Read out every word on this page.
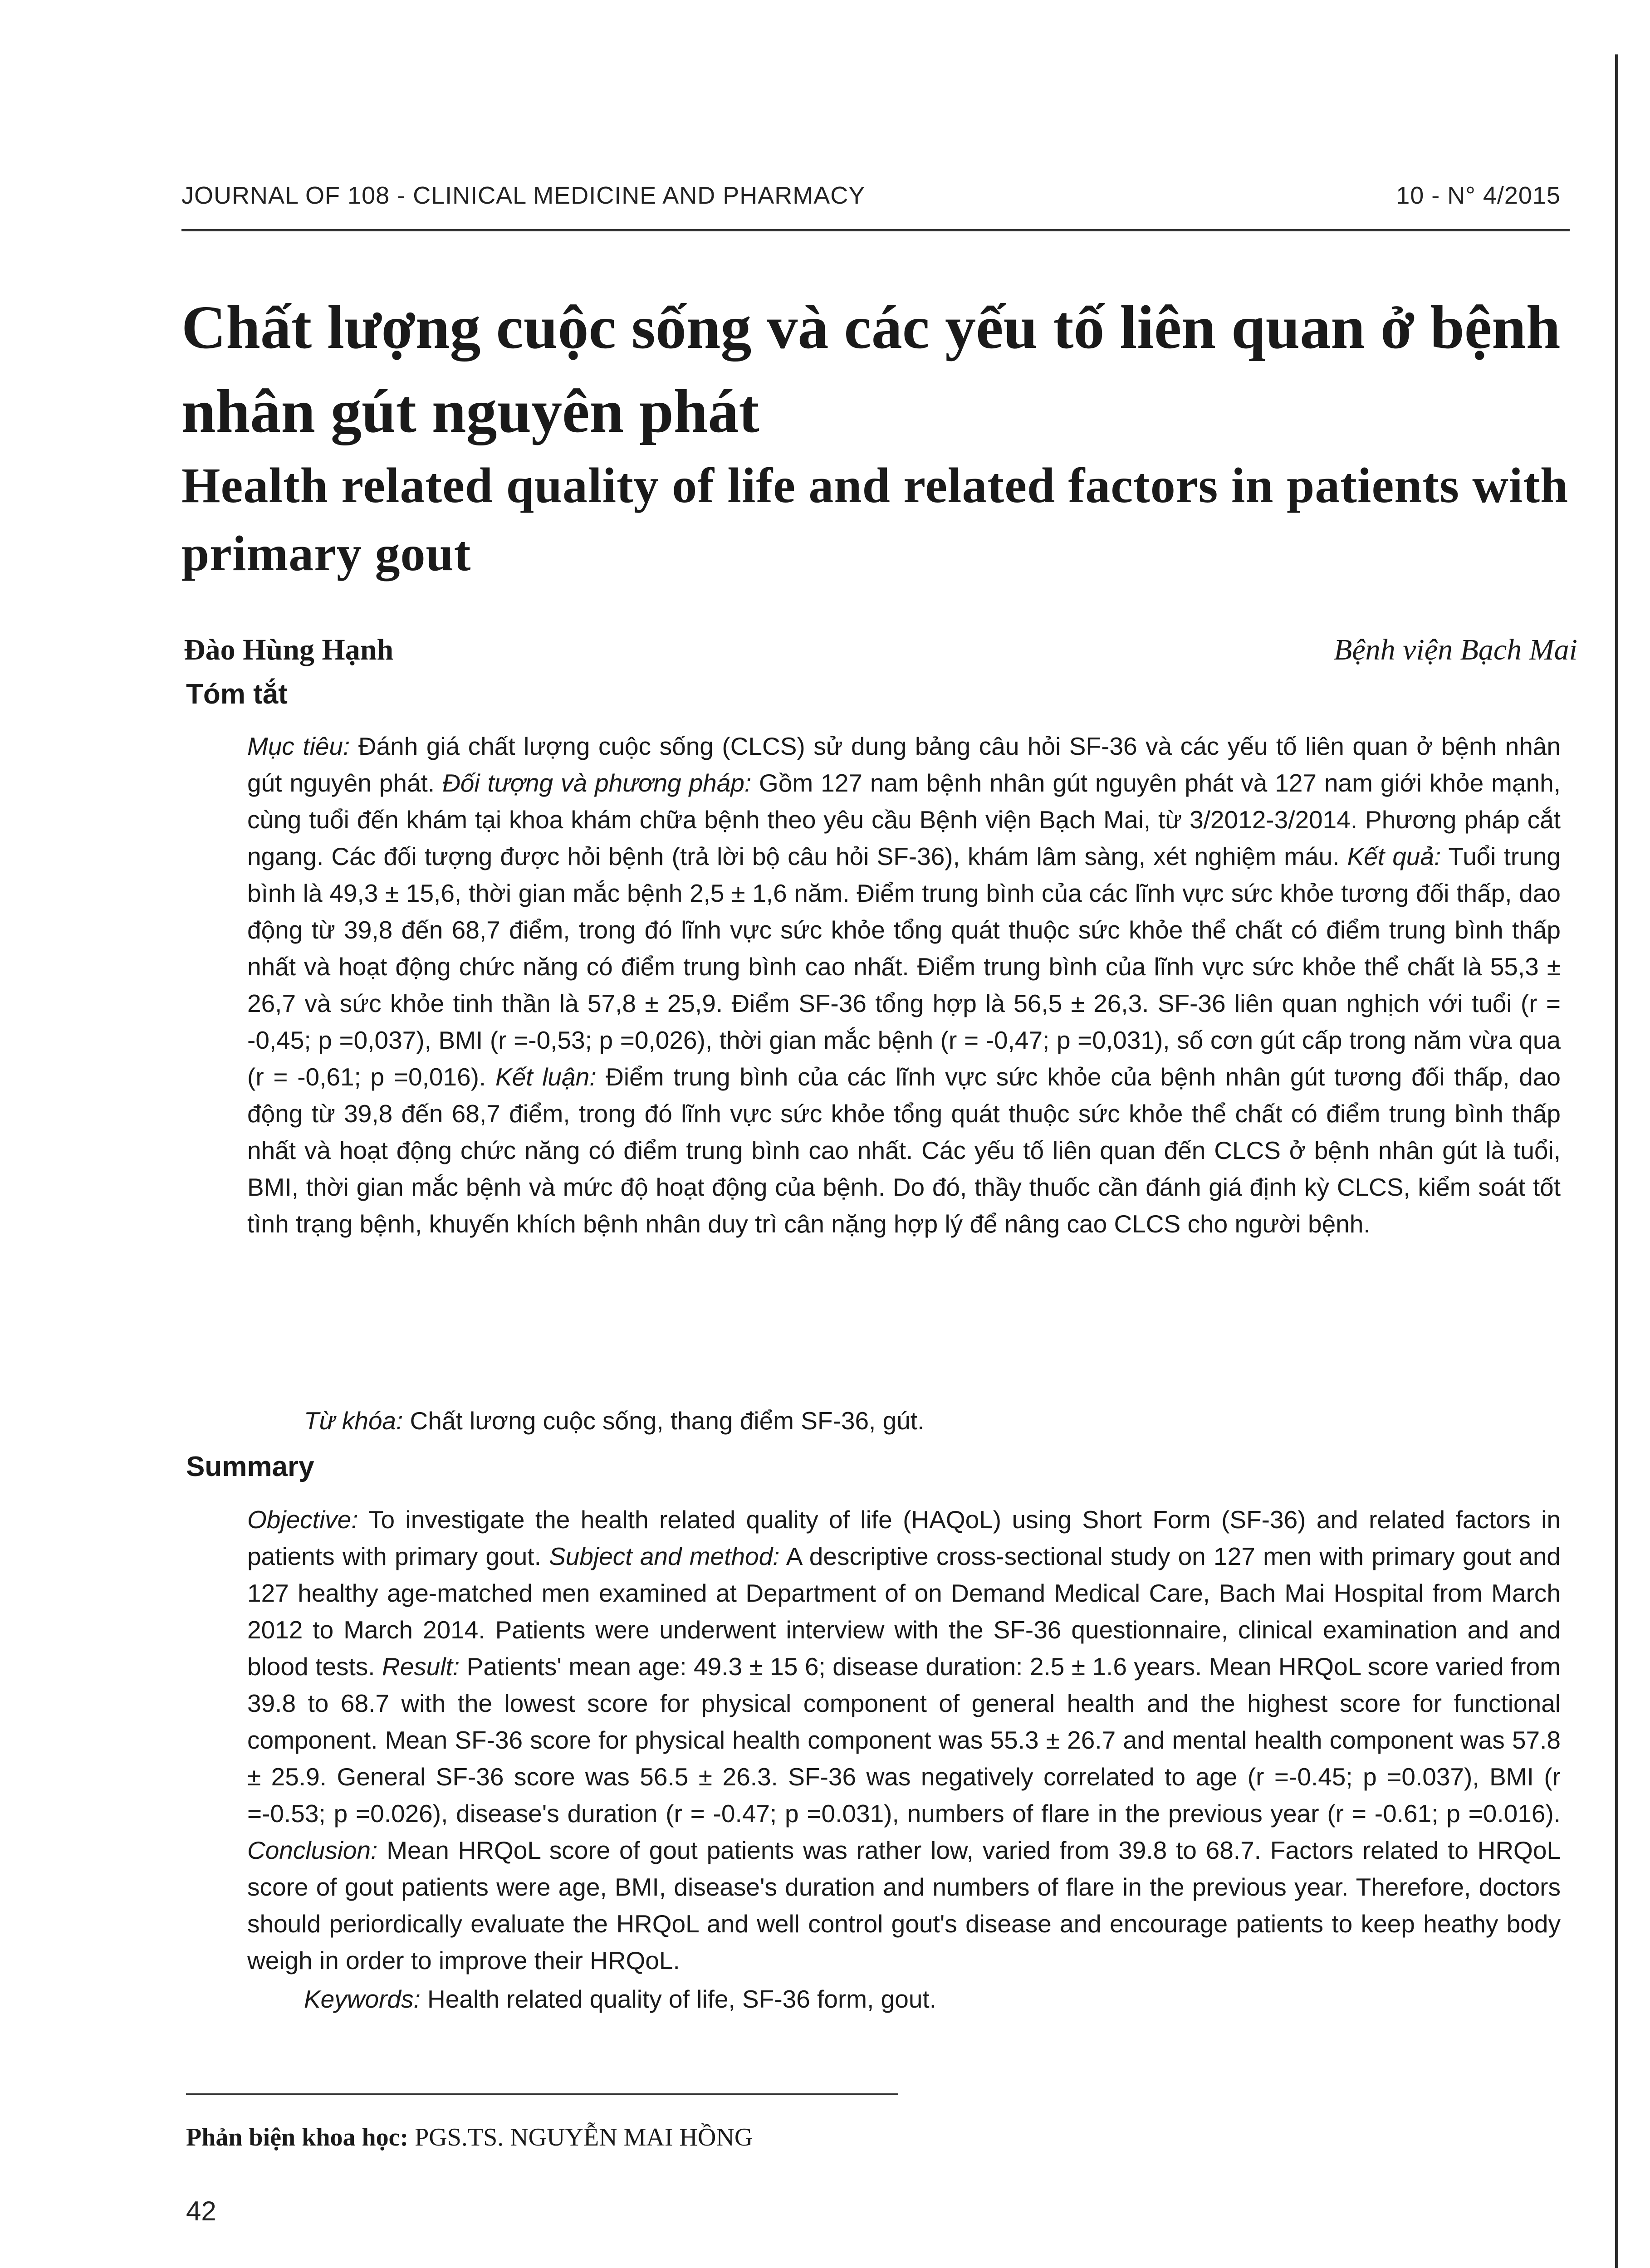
JOURNAL OF 108 - CLINICAL MEDICINE AND PHARMACY	10 - N° 4/2015
Chất lượng cuộc sống và các yếu tố liên quan ở bệnh nhân gút nguyên phát
Health related quality of life and related factors in patients with primary gout
Đào Hùng Hạnh	Bệnh viện Bạch Mai
Tóm tắt
Mục tiêu: Đánh giá chất lượng cuộc sống (CLCS) sử dung bảng câu hỏi SF-36 và các yếu tố liên quan ở bệnh nhân gút nguyên phát. Đối tượng và phương pháp: Gồm 127 nam bệnh nhân gút nguyên phát và 127 nam giới khỏe mạnh, cùng tuổi đến khám tại khoa khám chữa bệnh theo yêu cầu Bệnh viện Bạch Mai, từ 3/2012-3/2014. Phương pháp cắt ngang. Các đối tượng được hỏi bệnh (trả lời bộ câu hỏi SF-36), khám lâm sàng, xét nghiệm máu. Kết quả: Tuổi trung bình là 49,3 ± 15,6, thời gian mắc bệnh 2,5 ± 1,6 năm. Điểm trung bình của các lĩnh vực sức khỏe tương đối thấp, dao động từ 39,8 đến 68,7 điểm, trong đó lĩnh vực sức khỏe tổng quát thuộc sức khỏe thể chất có điểm trung bình thấp nhất và hoạt động chức năng có điểm trung bình cao nhất. Điểm trung bình của lĩnh vực sức khỏe thể chất là 55,3 ± 26,7 và sức khỏe tinh thần là 57,8 ± 25,9. Điểm SF-36 tổng hợp là 56,5 ± 26,3. SF-36 liên quan nghịch với tuổi (r = -0,45; p =0,037), BMI (r =-0,53; p =0,026), thời gian mắc bệnh (r = -0,47; p =0,031), số cơn gút cấp trong năm vừa qua (r = -0,61; p =0,016). Kết luận: Điểm trung bình của các lĩnh vực sức khỏe của bệnh nhân gút tương đối thấp, dao động từ 39,8 đến 68,7 điểm, trong đó lĩnh vực sức khỏe tổng quát thuộc sức khỏe thể chất có điểm trung bình thấp nhất và hoạt động chức năng có điểm trung bình cao nhất. Các yếu tố liên quan đến CLCS ở bệnh nhân gút là tuổi, BMI, thời gian mắc bệnh và mức độ hoạt động của bệnh. Do đó, thầy thuốc cần đánh giá định kỳ CLCS, kiểm soát tốt tình trạng bệnh, khuyến khích bệnh nhân duy trì cân nặng hợp lý để nâng cao CLCS cho người bệnh.
Từ khóa: Chất lương cuộc sống, thang điểm SF-36, gút.
Summary
Objective: To investigate the health related quality of life (HAQoL) using Short Form (SF-36) and related factors in patients with primary gout. Subject and method: A descriptive cross-sectional study on 127 men with primary gout and 127 healthy age-matched men examined at Department of on Demand Medical Care, Bach Mai Hospital from March 2012 to March 2014. Patients were underwent interview with the SF-36 questionnaire, clinical examination and and blood tests. Result: Patients' mean age: 49.3 ± 15 6; disease duration: 2.5 ± 1.6 years. Mean HRQoL score varied from 39.8 to 68.7 with the lowest score for physical component of general health and the highest score for functional component. Mean SF-36 score for physical health component was 55.3 ± 26.7 and mental health component was 57.8 ± 25.9. General SF-36 score was 56.5 ± 26.3. SF-36 was negatively correlated to age (r =-0.45; p =0.037), BMI (r =-0.53; p =0.026), disease's duration (r = -0.47; p =0.031), numbers of flare in the previous year (r = -0.61; p =0.016). Conclusion: Mean HRQoL score of gout patients was rather low, varied from 39.8 to 68.7. Factors related to HRQoL score of gout patients were age, BMI, disease's duration and numbers of flare in the previous year. Therefore, doctors should periordically evaluate the HRQoL and well control gout's disease and encourage patients to keep heathy body weigh in order to improve their HRQoL.
Keywords: Health related quality of life, SF-36 form, gout.
Phản biện khoa học: PGS.TS. NGUYỄN MAI HỒNG
42
